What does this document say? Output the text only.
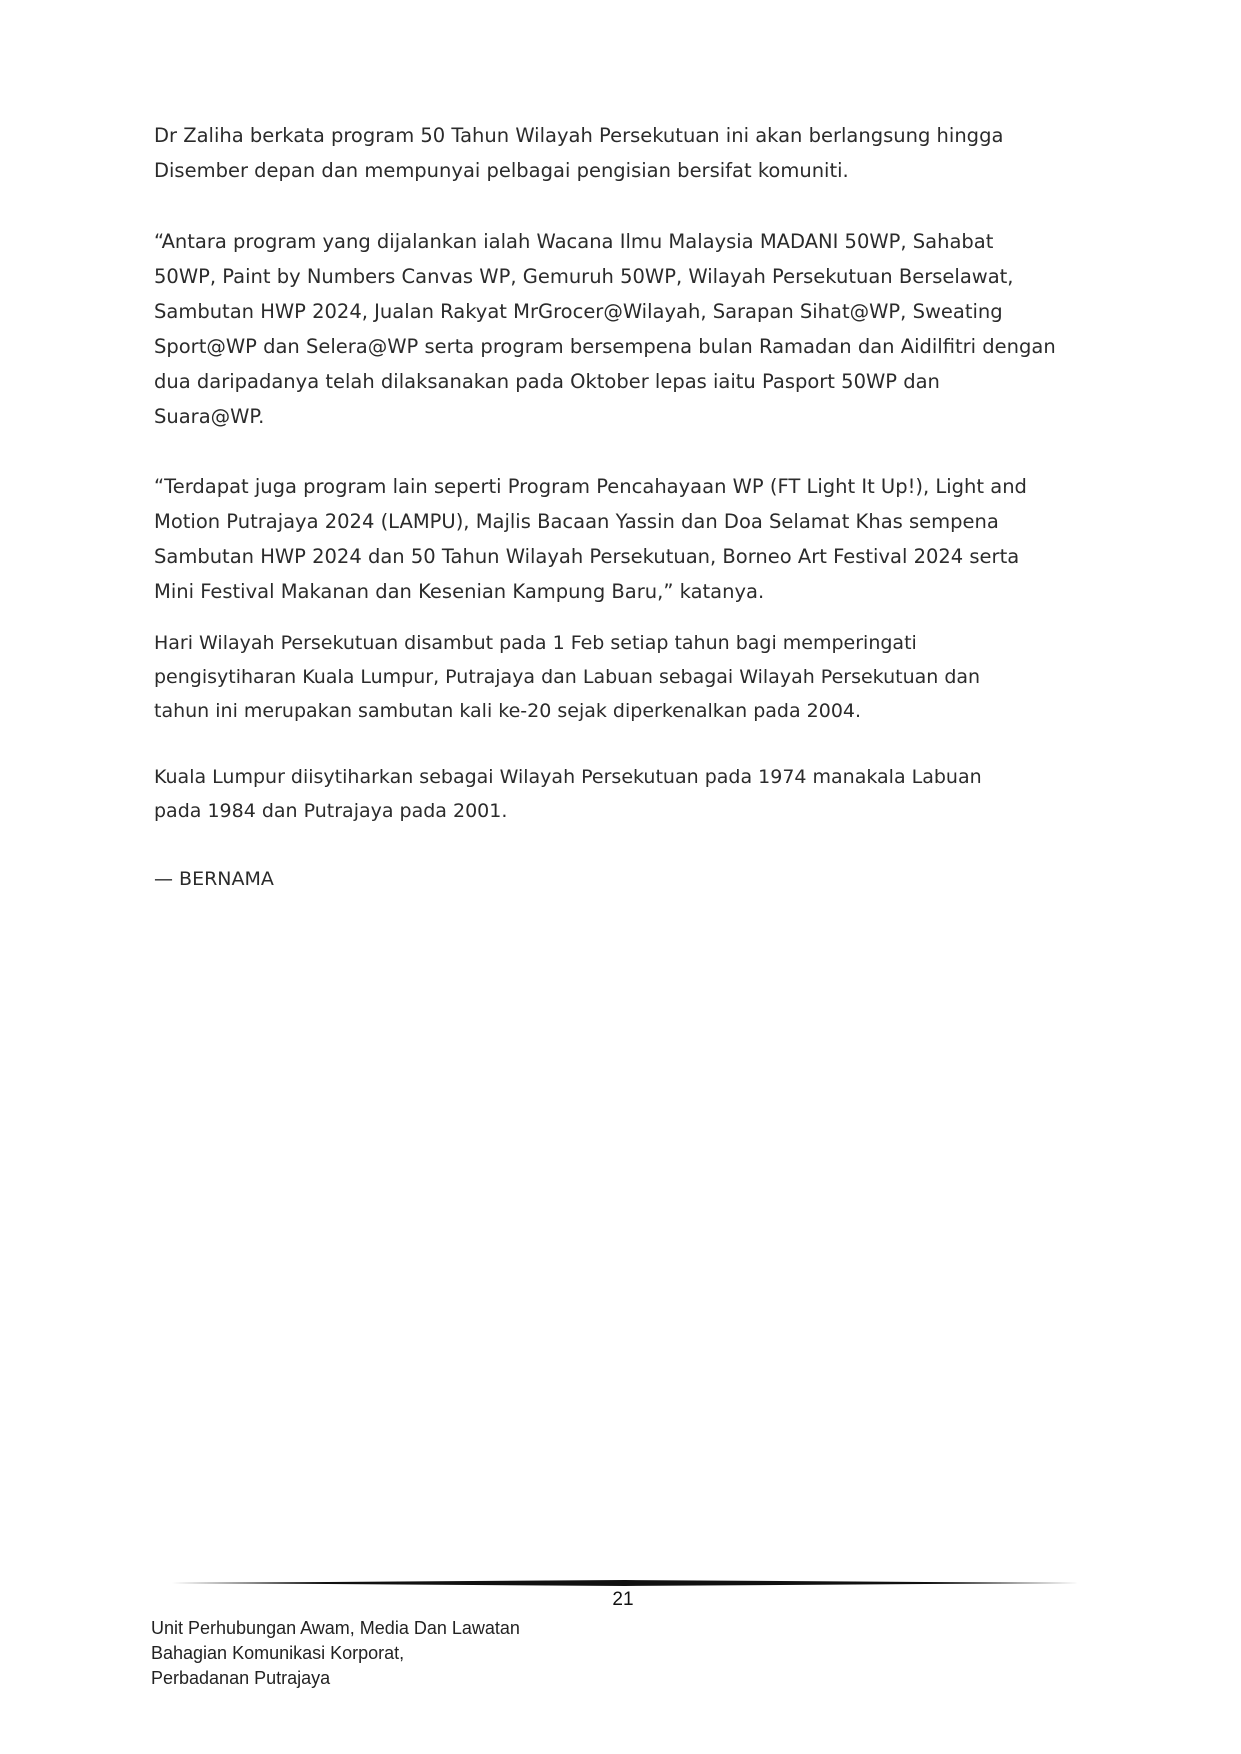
Dr Zaliha berkata program 50 Tahun Wilayah Persekutuan ini akan berlangsung hingga
Disember depan dan mempunyai pelbagai pengisian bersifat komuniti.

“Antara program yang dijalankan ialah Wacana Ilmu Malaysia MADANI 50WP, Sahabat
50WP, Paint by Numbers Canvas WP, Gemuruh 50WP, Wilayah Persekutuan Berselawat,
Sambutan HWP 2024, Jualan Rakyat MrGrocer@Wilayah, Sarapan Sihat@WP, Sweating
Sport@WP dan Selera@WP serta program bersempena bulan Ramadan dan Aidilfitri dengan
dua daripadanya telah dilaksanakan pada Oktober lepas iaitu Pasport 50WP dan
Suara@WP.

“Terdapat juga program lain seperti Program Pencahayaan WP (FT Light It Up!), Light and
Motion Putrajaya 2024 (LAMPU), Majlis Bacaan Yassin dan Doa Selamat Khas sempena
Sambutan HWP 2024 dan 50 Tahun Wilayah Persekutuan, Borneo Art Festival 2024 serta
Mini Festival Makanan dan Kesenian Kampung Baru,” katanya.

Hari Wilayah Persekutuan disambut pada 1 Feb setiap tahun bagi memperingati
pengisytiharan Kuala Lumpur, Putrajaya dan Labuan sebagai Wilayah Persekutuan dan
tahun ini merupakan sambutan kali ke-20 sejak diperkenalkan pada 2004.

Kuala Lumpur diisytiharkan sebagai Wilayah Persekutuan pada 1974 manakala Labuan
pada 1984 dan Putrajaya pada 2001.

— BERNAMA

21
Unit Perhubungan Awam, Media Dan Lawatan
Bahagian Komunikasi Korporat,
Perbadanan Putrajaya
